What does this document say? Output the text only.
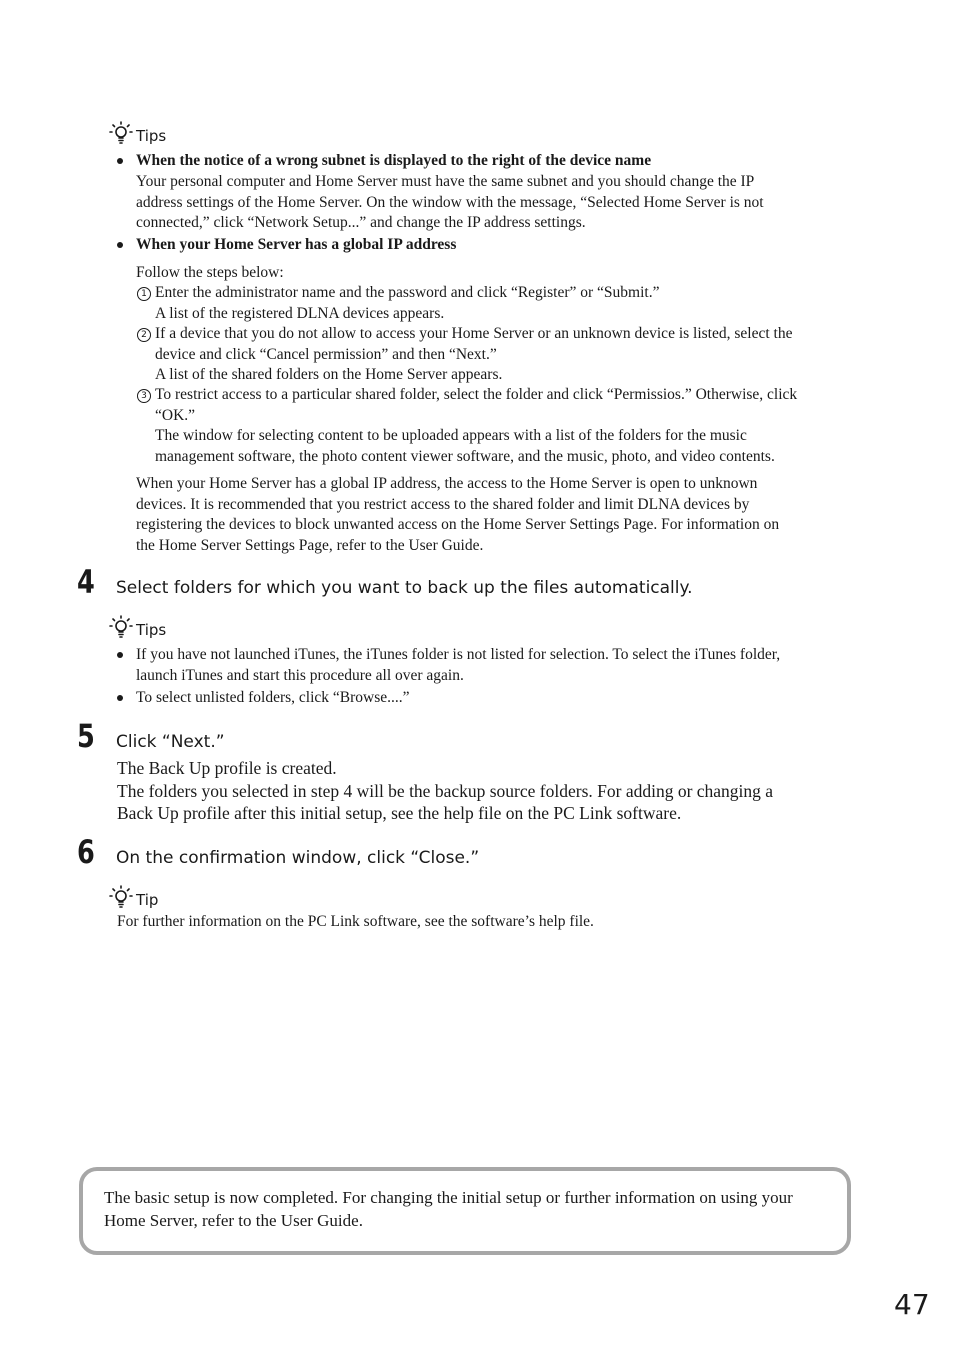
Tips
When the notice of a wrong subnet is displayed to the right of the device name
Your personal computer and Home Server must have the same subnet and you should change the IP
address settings of the Home Server. On the window with the message, “Selected Home Server is not
connected,” click “Network Setup...” and change the IP address settings.
When your Home Server has a global IP address
Follow the steps below:
1 Enter the administrator name and the password and click “Register” or “Submit.”
A list of the registered DLNA devices appears.
2 If a device that you do not allow to access your Home Server or an unknown device is listed, select the
device and click “Cancel permission” and then “Next.”
A list of the shared folders on the Home Server appears.
3 To restrict access to a particular shared folder, select the folder and click “Permissios.” Otherwise, click
“OK.”
The window for selecting content to be uploaded appears with a list of the folders for the music
management software, the photo content viewer software, and the music, photo, and video contents.
When your Home Server has a global IP address, the access to the Home Server is open to unknown
devices. It is recommended that you restrict access to the shared folder and limit DLNA devices by
registering the devices to block unwanted access on the Home Server Settings Page. For information on
the Home Server Settings Page, refer to the User Guide.
4 Select folders for which you want to back up the files automatically.
Tips
If you have not launched iTunes, the iTunes folder is not listed for selection. To select the iTunes folder,
launch iTunes and start this procedure all over again.
To select unlisted folders, click “Browse....”
5 Click “Next.”
The Back Up profile is created.
The folders you selected in step 4 will be the backup source folders. For adding or changing a
Back Up profile after this initial setup, see the help file on the PC Link software.
6 On the confirmation window, click “Close.”
Tip
For further information on the PC Link software, see the software’s help file.
The basic setup is now completed. For changing the initial setup or further information on using your
Home Server, refer to the User Guide.
47
